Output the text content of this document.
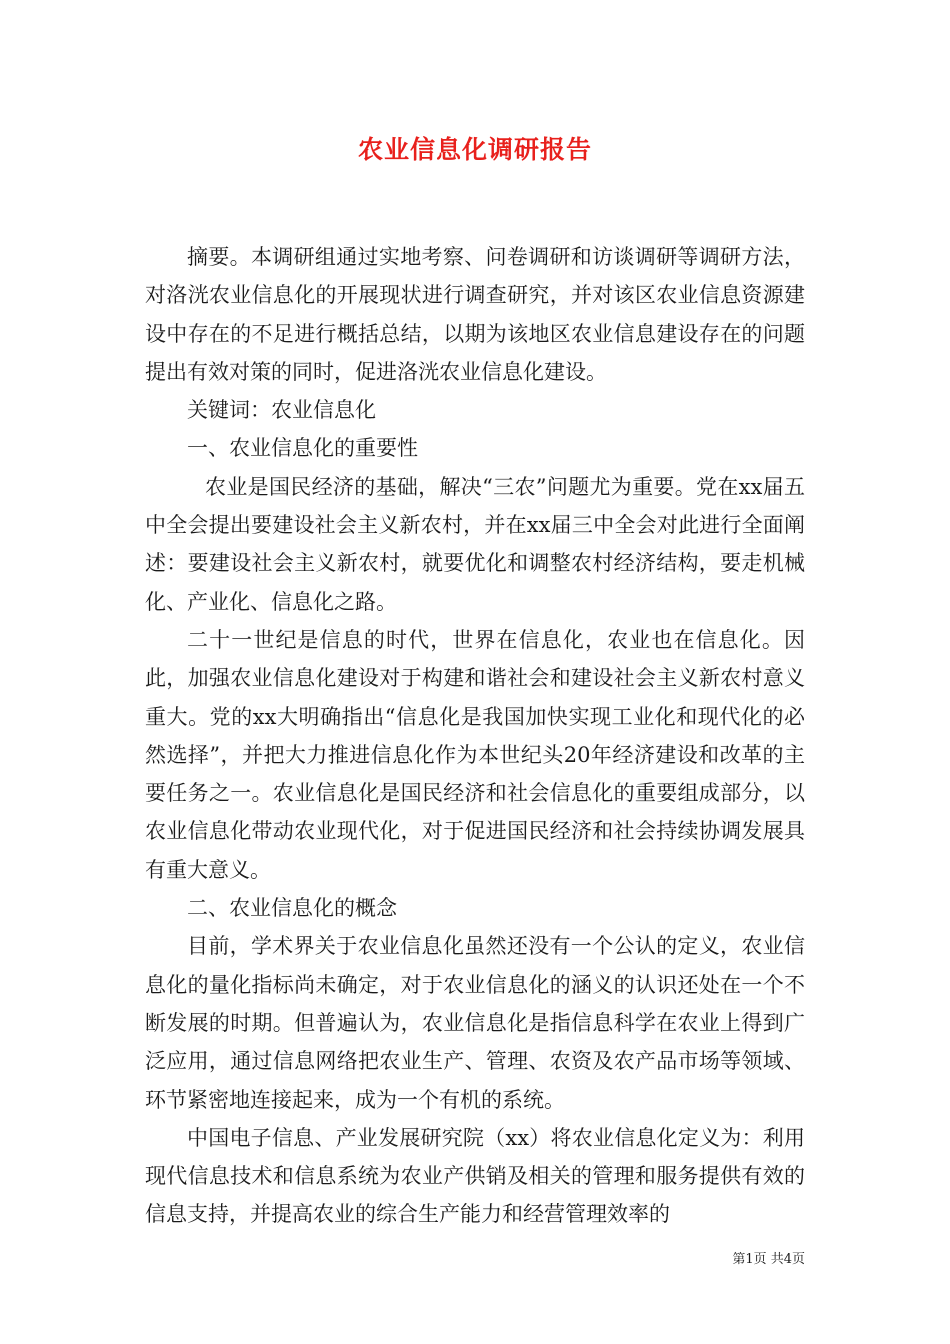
农业信息化调研报告

摘要。本调研组通过实地考察、问卷调研和访谈调研等调研方法，对洛洸农业信息化的开展现状进行调查研究，并对该区农业信息资源建设中存在的不足进行概括总结，以期为该地区农业信息建设存在的问题提出有效对策的同时，促进洛洸农业信息化建设。

关键词：农业信息化

一、农业信息化的重要性

农业是国民经济的基础，解决“三农”问题尤为重要。党在xx届五中全会提出要建设社会主义新农村，并在xx届三中全会对此进行全面阐述：要建设社会主义新农村，就要优化和调整农村经济结构，要走机械化、产业化、信息化之路。

二十一世纪是信息的时代，世界在信息化，农业也在信息化。因此，加强农业信息化建设对于构建和谐社会和建设社会主义新农村意义重大。党的xx大明确指出“信息化是我国加快实现工业化和现代化的必然选择”，并把大力推进信息化作为本世纪头20年经济建设和改革的主要任务之一。农业信息化是国民经济和社会信息化的重要组成部分，以农业信息化带动农业现代化，对于促进国民经济和社会持续协调发展具有重大意义。

二、农业信息化的概念

目前，学术界关于农业信息化虽然还没有一个公认的定义，农业信息化的量化指标尚未确定，对于农业信息化的涵义的认识还处在一个不断发展的时期。但普遍认为，农业信息化是指信息科学在农业上得到广泛应用，通过信息网络把农业生产、管理、农资及农产品市场等领域、环节紧密地连接起来，成为一个有机的系统。

中国电子信息、产业发展研究院（xx）将农业信息化定义为：利用现代信息技术和信息系统为农业产供销及相关的管理和服务提供有效的信息支持，并提高农业的综合生产能力和经营管理效率的

第1页 共4页
